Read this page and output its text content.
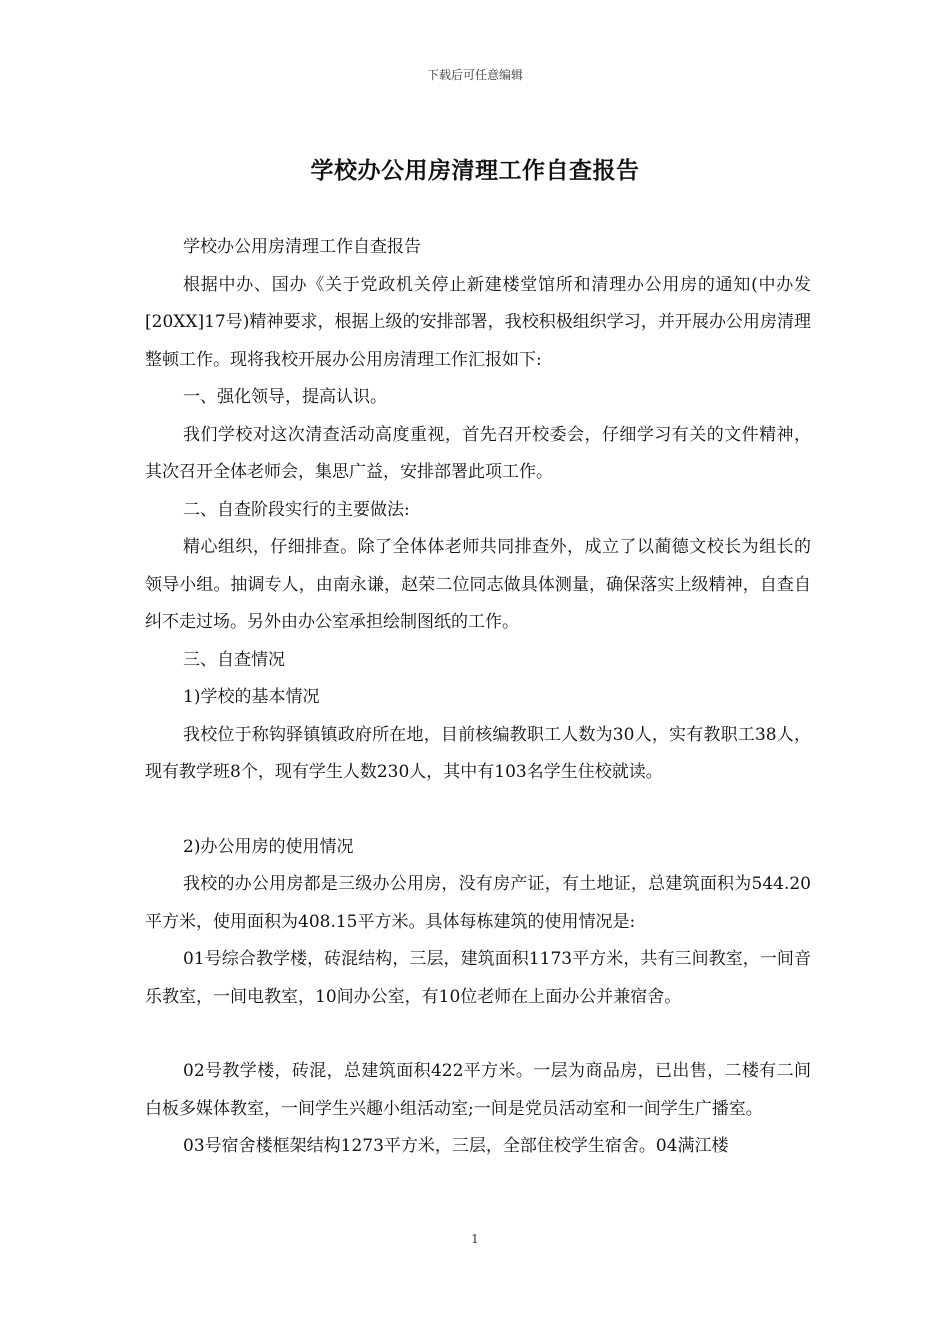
下载后可任意编辑
学校办公用房清理工作自查报告

学校办公用房清理工作自查报告

根据中办、国办《关于党政机关停止新建楼堂馆所和清理办公用房的通知(中办发[20XX]17号)精神要求，根据上级的安排部署，我校积极组织学习，并开展办公用房清理整顿工作。现将我校开展办公用房清理工作汇报如下:

一、强化领导，提高认识。

我们学校对这次清查活动高度重视，首先召开校委会，仔细学习有关的文件精神，其次召开全体老师会，集思广益，安排部署此项工作。

二、自查阶段实行的主要做法:

精心组织，仔细排查。除了全体体老师共同排查外，成立了以蔺德文校长为组长的领导小组。抽调专人，由南永谦，赵荣二位同志做具体测量，确保落实上级精神，自查自纠不走过场。另外由办公室承担绘制图纸的工作。

三、自查情况

1)学校的基本情况

我校位于称钩驿镇镇政府所在地，目前核编教职工人数为30人，实有教职工38人，现有教学班8个，现有学生人数230人，其中有103名学生住校就读。

2)办公用房的使用情况

我校的办公用房都是三级办公用房，没有房产证，有土地证，总建筑面积为544.20平方米，使用面积为408.15平方米。具体每栋建筑的使用情况是:

01号综合教学楼，砖混结构，三层，建筑面积1173平方米，共有三间教室，一间音乐教室，一间电教室，10间办公室，有10位老师在上面办公并兼宿舍。

02号教学楼，砖混，总建筑面积422平方米。一层为商品房，已出售，二楼有二间白板多媒体教室，一间学生兴趣小组活动室;一间是党员活动室和一间学生广播室。

03号宿舍楼框架结构1273平方米，三层，全部住校学生宿舍。04满江楼

1
